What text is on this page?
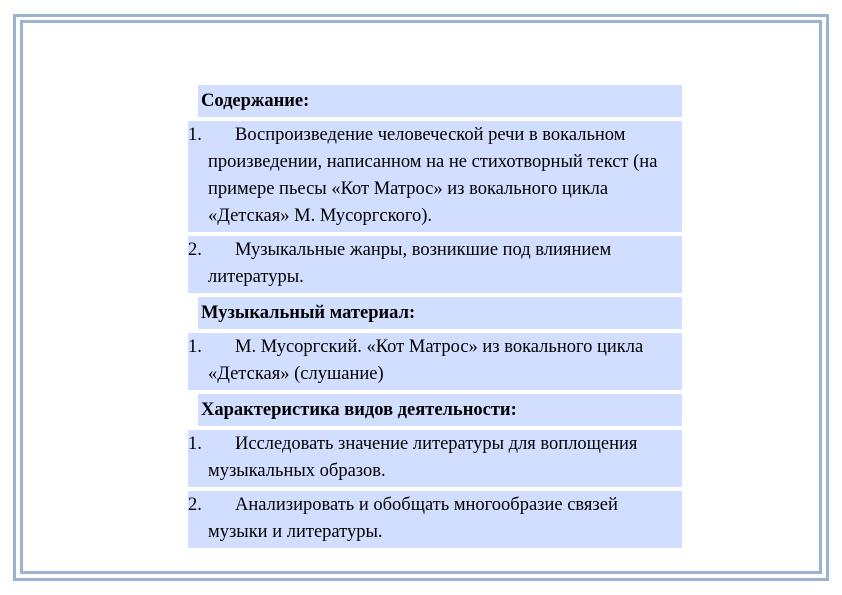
Содержание:
1. Воспроизведение человеческой речи в вокальном произведении, написанном на не стихотворный текст (на примере пьесы «Кот Матрос» из вокального цикла «Детская» М. Мусоргского).
2. Музыкальные жанры, возникшие под влиянием литературы.
Музыкальный материал:
1. М. Мусоргский. «Кот Матрос» из вокального цикла «Детская» (слушание)
Характеристика видов деятельности:
1. Исследовать значение литературы для воплощения музыкальных образов.
2. Анализировать и обобщать многообразие связей музыки и литературы.
